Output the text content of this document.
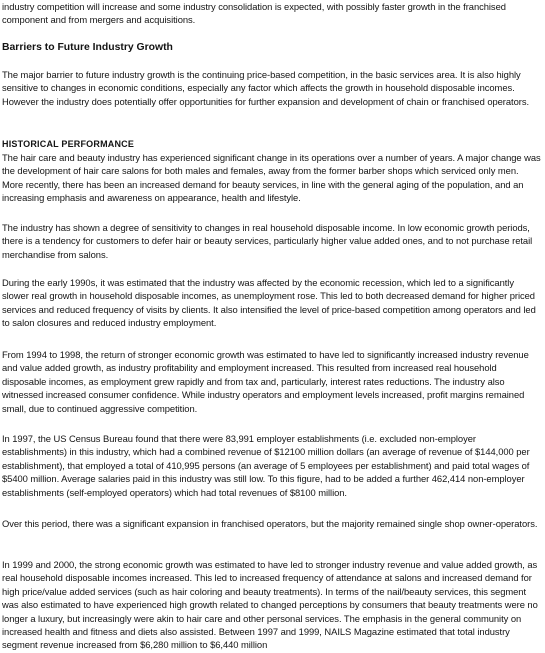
industry competition will increase and some industry consolidation is expected, with possibly faster growth in the franchised component and from mergers and acquisitions.

Barriers to Future Industry Growth

The major barrier to future industry growth is the continuing price-based competition, in the basic services area. It is also highly sensitive to changes in economic conditions, especially any factor which affects the growth in household disposable incomes. However the industry does potentially offer opportunities for further expansion and development of chain or franchised operators.

HISTORICAL PERFORMANCE

The hair care and beauty industry has experienced significant change in its operations over a number of years. A major change was the development of hair care salons for both males and females, away from the former barber shops which serviced only men. More recently, there has been an increased demand for beauty services, in line with the general aging of the population, and an increasing emphasis and awareness on appearance, health and lifestyle.

The industry has shown a degree of sensitivity to changes in real household disposable income. In low economic growth periods, there is a tendency for customers to defer hair or beauty services, particularly higher value added ones, and to not purchase retail merchandise from salons.

During the early 1990s, it was estimated that the industry was affected by the economic recession, which led to a significantly slower real growth in household disposable incomes, as unemployment rose. This led to both decreased demand for higher priced services and reduced frequency of visits by clients. It also intensified the level of price-based competition among operators and led to salon closures and reduced industry employment.

From 1994 to 1998, the return of stronger economic growth was estimated to have led to significantly increased industry revenue and value added growth, as industry profitability and employment increased. This resulted from increased real household disposable incomes, as employment grew rapidly and from tax and, particularly, interest rates reductions. The industry also witnessed increased consumer confidence. While industry operators and employment levels increased, profit margins remained small, due to continued aggressive competition.

In 1997, the US Census Bureau found that there were 83,991 employer establishments (i.e. excluded non-employer establishments) in this industry, which had a combined revenue of $12100 million dollars (an average of revenue of $144,000 per establishment), that employed a total of 410,995 persons (an average of 5 employees per establishment) and paid total wages of $5400 million. Average salaries paid in this industry was still low. To this figure, had to be added a further 462,414 non-employer establishments (self-employed operators) which had total revenues of $8100 million.

Over this period, there was a significant expansion in franchised operators, but the majority remained single shop owner-operators.

In 1999 and 2000, the strong economic growth was estimated to have led to stronger industry revenue and value added growth, as real household disposable incomes increased. This led to increased frequency of attendance at salons and increased demand for high price/value added services (such as hair coloring and beauty treatments). In terms of the nail/beauty services, this segment was also estimated to have experienced high growth related to changed perceptions by consumers that beauty treatments were no longer a luxury, but increasingly were akin to hair care and other personal services. The emphasis in the general community on increased health and fitness and diets also assisted. Between 1997 and 1999, NAILS Magazine estimated that total industry segment revenue increased from $6,280 million to $6,440 million
